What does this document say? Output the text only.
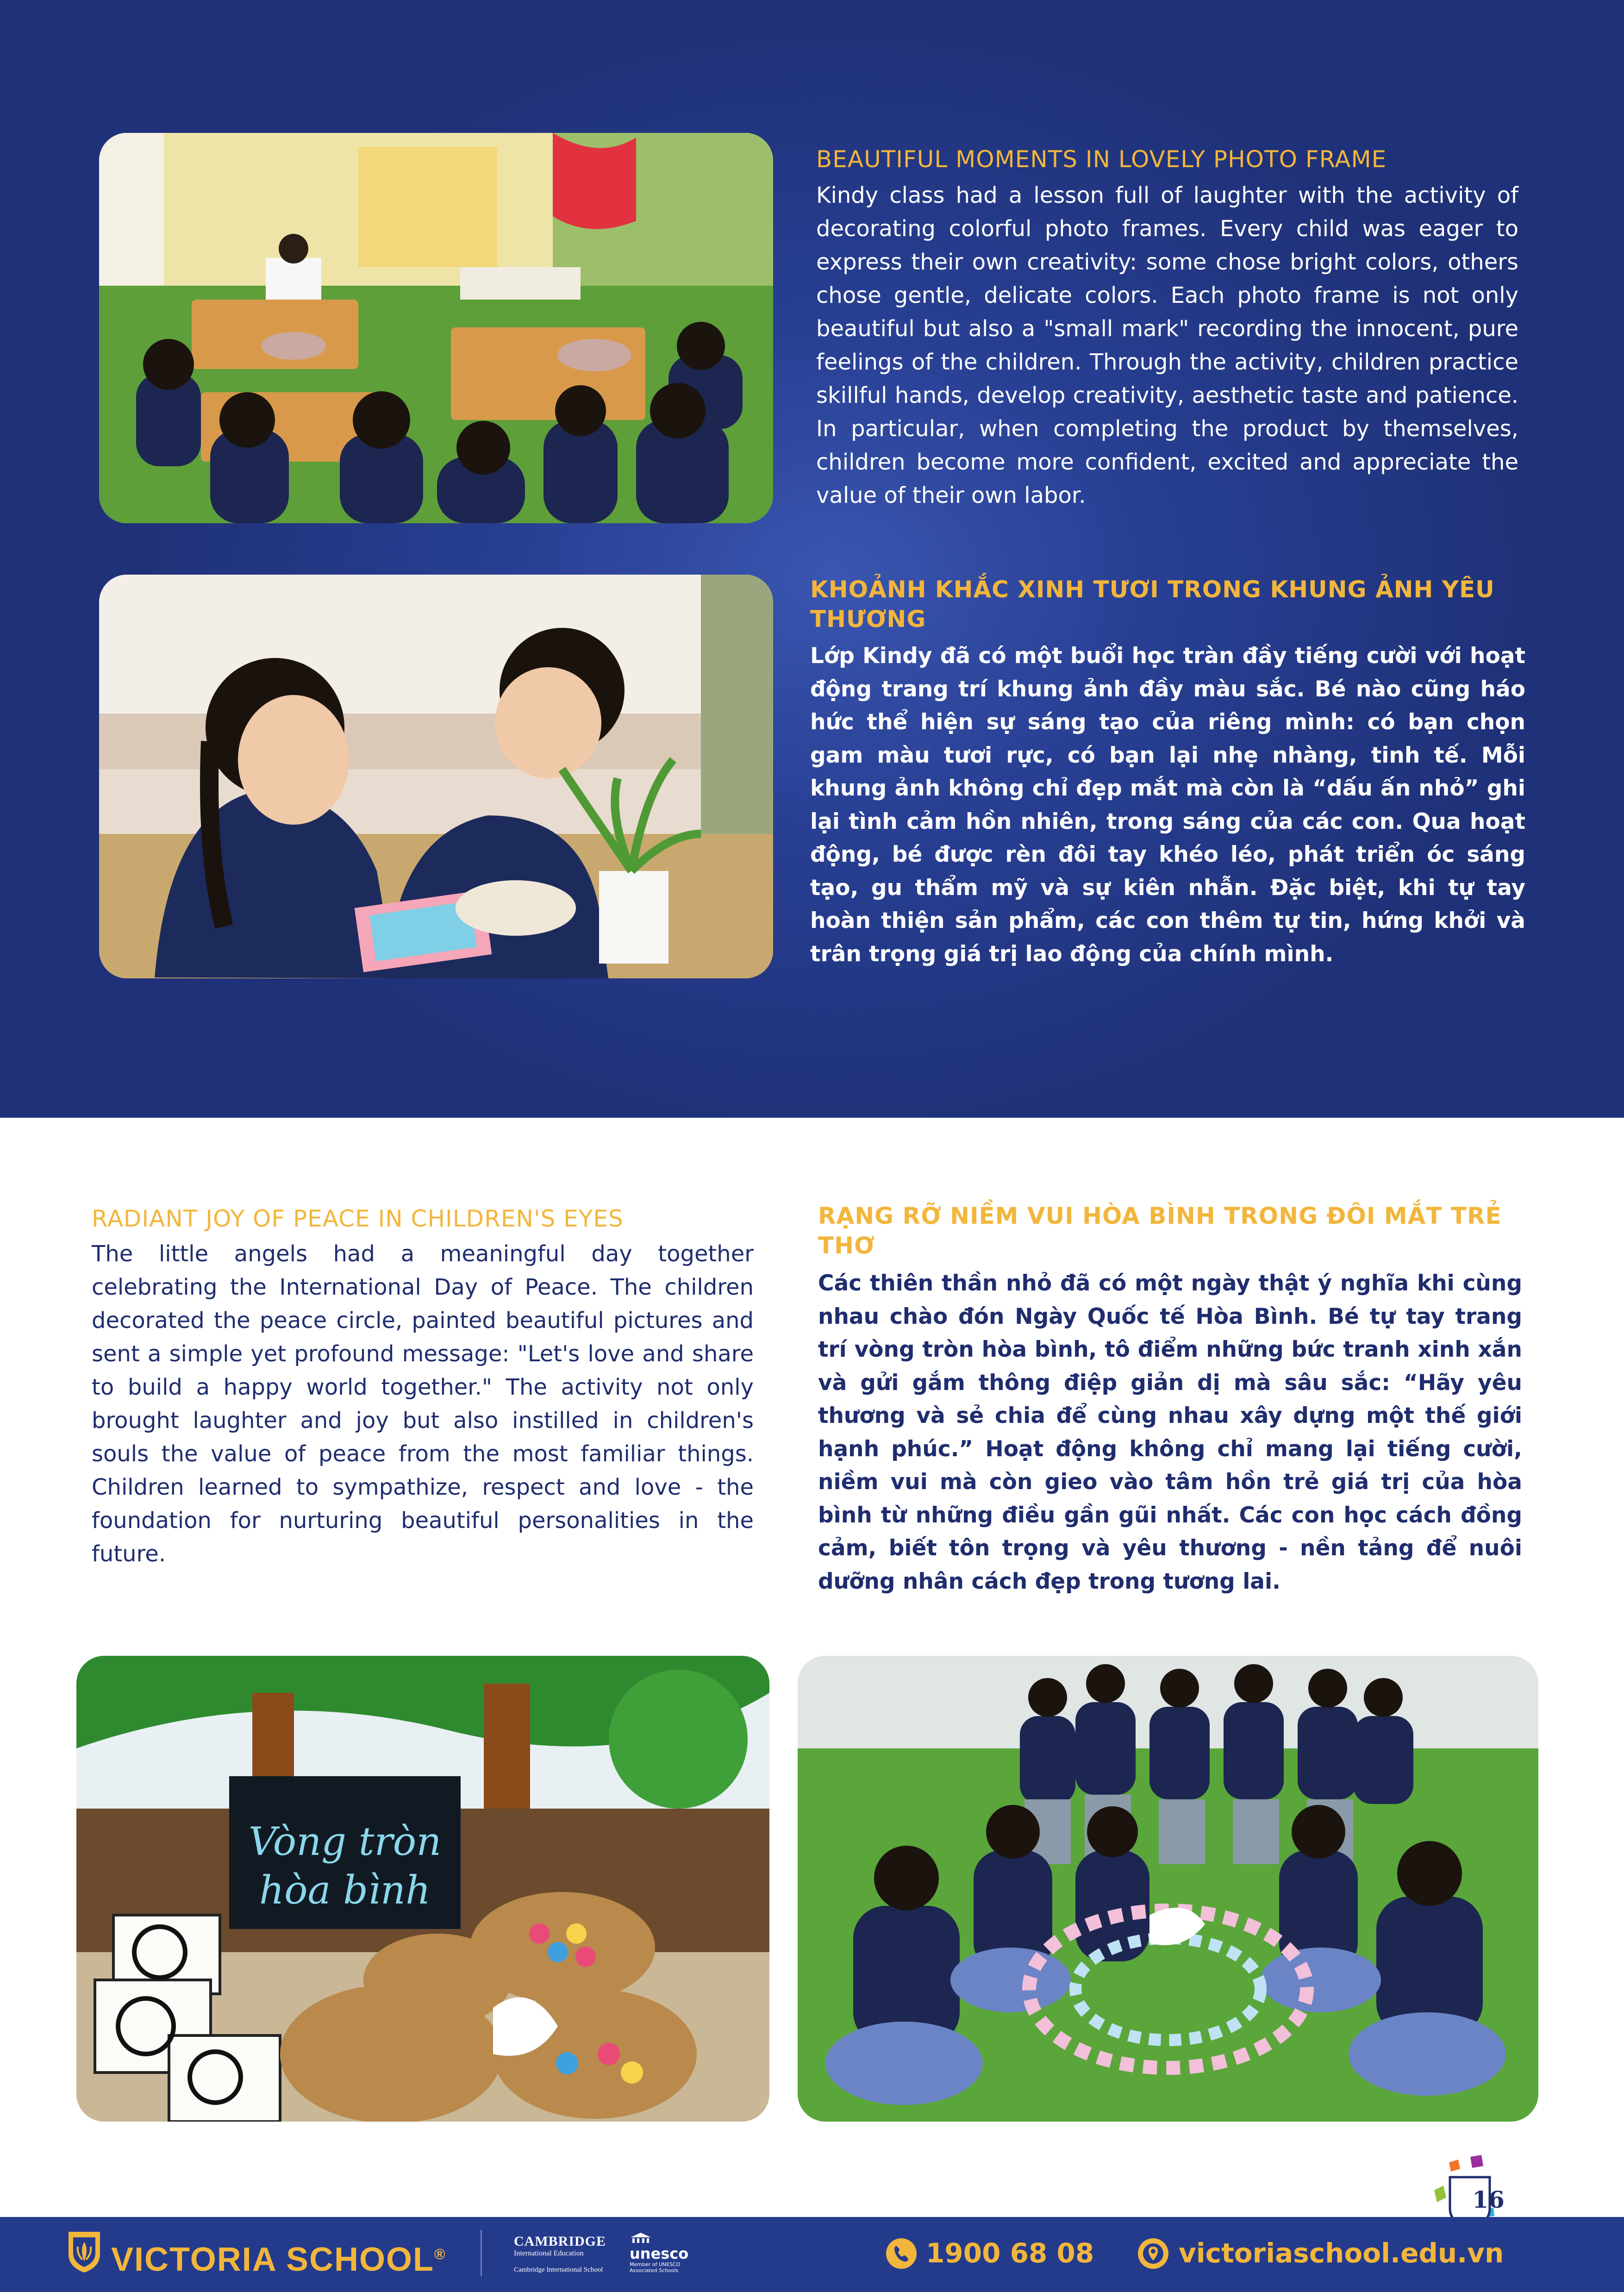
BEAUTIFUL MOMENTS IN LOVELY PHOTO FRAME
Kindy class had a lesson full of laughter with the activity of decorating colorful photo frames. Every child was eager to express their own creativity: some chose bright colors, others chose gentle, delicate colors. Each photo frame is not only beautiful but also a "small mark" recording the innocent, pure feelings of the children. Through the activity, children practice skillful hands, develop creativity, aesthetic taste and patience. In particular, when completing the product by themselves, children become more confident, excited and appreciate the value of their own labor.
KHOẢNH KHẮC XINH TƯƠI TRONG KHUNG ẢNH YÊU THƯƠNG
Lớp Kindy đã có một buổi học tràn đầy tiếng cười với hoạt động trang trí khung ảnh đầy màu sắc. Bé nào cũng háo hức thể hiện sự sáng tạo của riêng mình: có bạn chọn gam màu tươi rực, có bạn lại nhẹ nhàng, tinh tế. Mỗi khung ảnh không chỉ đẹp mắt mà còn là “dấu ấn nhỏ” ghi lại tình cảm hồn nhiên, trong sáng của các con. Qua hoạt động, bé được rèn đôi tay khéo léo, phát triển óc sáng tạo, gu thẩm mỹ và sự kiên nhẫn. Đặc biệt, khi tự tay hoàn thiện sản phẩm, các con thêm tự tin, hứng khởi và trân trọng giá trị lao động của chính mình.
RADIANT JOY OF PEACE IN CHILDREN'S EYES
The little angels had a meaningful day together celebrating the International Day of Peace. The children decorated the peace circle, painted beautiful pictures and sent a simple yet profound message: "Let's love and share to build a happy world together." The activity not only brought laughter and joy but also instilled in children's souls the value of peace from the most familiar things. Children learned to sympathize, respect and love - the foundation for nurturing beautiful personalities in the future.
RẠNG RỠ NIỀM VUI HÒA BÌNH TRONG ĐÔI MẮT TRẺ THƠ
Các thiên thần nhỏ đã có một ngày thật ý nghĩa khi cùng nhau chào đón Ngày Quốc tế Hòa Bình. Bé tự tay trang trí vòng tròn hòa bình, tô điểm những bức tranh xinh xắn và gửi gắm thông điệp giản dị mà sâu sắc: “Hãy yêu thương và sẻ chia để cùng nhau xây dựng một thế giới hạnh phúc.” Hoạt động không chỉ mang lại tiếng cười, niềm vui mà còn gieo vào tâm hồn trẻ giá trị của hòa bình từ những điều gần gũi nhất. Các con học cách đồng cảm, biết tôn trọng và yêu thương - nền tảng để nuôi dưỡng nhân cách đẹp trong tương lai.
Vòng tròn
hòa bình
16
VICTORIA SCHOOL®
CAMBRIDGE
International Education
Cambridge International School
unesco
Member of UNESCO Associated Schools
1900 68 08	victoriaschool.edu.vn
